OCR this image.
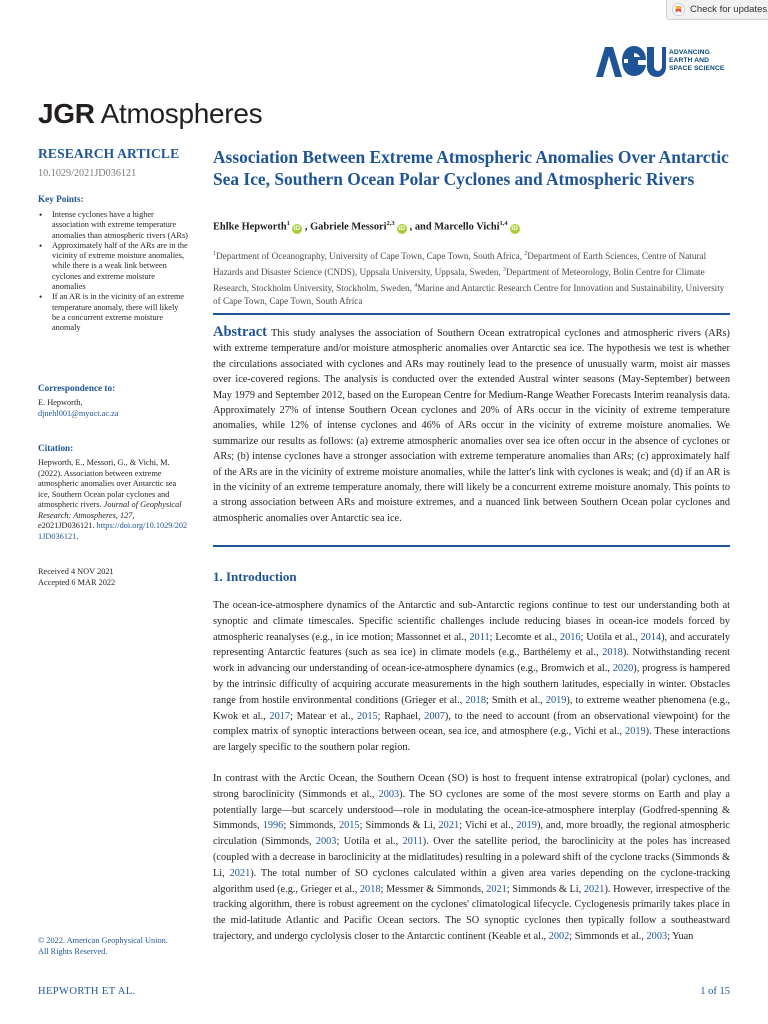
Check for updates
ADVANCING
EARTH AND
SPACE SCIENCE
JGR Atmospheres
RESEARCH ARTICLE
10.1029/2021JD036121
Key Points:
• Intense cyclones have a higher association with extreme temperature anomalies than atmospheric rivers (ARs)
• Approximately half of the ARs are in the vicinity of extreme moisture anomalies, while there is a weak link between cyclones and extreme moisture anomalies
• If an AR is in the vicinity of an extreme temperature anomaly, there will likely be a concurrent extreme moisture anomaly
Correspondence to:
E. Hepworth,
djnehl001@myuct.ac.za
Citation:
Hepworth, E., Messori, G., & Vichi, M. (2022). Association between extreme atmospheric anomalies over Antarctic sea ice, Southern Ocean polar cyclones and atmospheric rivers. Journal of Geophysical Research: Atmospheres, 127, e2021JD036121. https://doi.org/10.1029/2021JD036121.
Received 4 NOV 2021
Accepted 6 MAR 2022
© 2022. American Geophysical Union.
All Rights Reserved.
Association Between Extreme Atmospheric Anomalies Over Antarctic Sea Ice, Southern Ocean Polar Cyclones and Atmospheric Rivers
Ehlke Hepworth$^1$iD , Gabriele Messori$^{2,3}$iD , and Marcello Vichi$^{1,4}$iD
$^1$Department of Oceanography, University of Cape Town, Cape Town, South Africa, $^2$Department of Earth Sciences, Centre of Natural Hazards and Disaster Science (CNDS), Uppsala University, Uppsala, Sweden, $^3$Department of Meteorology, Bolin Centre for Climate Research, Stockholm University, Stockholm, Sweden, $^4$Marine and Antarctic Research Centre for Innovation and Sustainability, University of Cape Town, Cape Town, South Africa

Abstract This study analyses the association of Southern Ocean extratropical cyclones and atmospheric rivers (ARs) with extreme temperature and/or moisture atmospheric anomalies over Antarctic sea ice. The hypothesis we test is whether the circulations associated with cyclones and ARs may routinely lead to the presence of unusually warm, moist air masses over ice-covered regions. The analysis is conducted over the extended Austral winter seasons (May-September) between May 1979 and September 2012, based on the European Centre for Medium-Range Weather Forecasts Interim reanalysis data. Approximately 27% of intense Southern Ocean cyclones and 20% of ARs occur in the vicinity of extreme temperature anomalies, while 12% of intense cyclones and 46% of ARs occur in the vicinity of extreme moisture anomalies. We summarize our results as follows: (a) extreme atmospheric anomalies over sea ice often occur in the absence of cyclones or ARs; (b) intense cyclones have a stronger association with extreme temperature anomalies than ARs; (c) approximately half of the ARs are in the vicinity of extreme moisture anomalies, while the latter's link with cyclones is weak; and (d) if an AR is in the vicinity of an extreme temperature anomaly, there will likely be a concurrent extreme moisture anomaly. This points to a strong association between ARs and moisture extremes, and a nuanced link between Southern Ocean polar cyclones and atmospheric anomalies over Antarctic sea ice.

1. Introduction

The ocean-ice-atmosphere dynamics of the Antarctic and sub-Antarctic regions continue to test our understanding both at synoptic and climate timescales. Specific scientific challenges include reducing biases in ocean-ice models forced by atmospheric reanalyses (e.g., in ice motion; Massonnet et al., 2011; Lecomte et al., 2016; Uotila et al., 2014), and accurately representing Antarctic features (such as sea ice) in climate models (e.g., Barthélemy et al., 2018). Notwithstanding recent work in advancing our understanding of ocean-ice-atmosphere dynamics (e.g., Bromwich et al., 2020), progress is hampered by the intrinsic difficulty of acquiring accurate measurements in the high southern latitudes, especially in winter. Obstacles range from hostile environmental conditions (Grieger et al., 2018; Smith et al., 2019), to extreme weather phenomena (e.g., Kwok et al., 2017; Matear et al., 2015; Raphael, 2007), to the need to account (from an observational viewpoint) for the complex matrix of synoptic interactions between ocean, sea ice, and atmosphere (e.g., Vichi et al., 2019). These interactions are largely specific to the southern polar region.

In contrast with the Arctic Ocean, the Southern Ocean (SO) is host to frequent intense extratropical (polar) cyclones, and strong baroclinicity (Simmonds et al., 2003). The SO cyclones are some of the most severe storms on Earth and play a potentially large—but scarcely understood—role in modulating the ocean-ice-atmosphere interplay (Godfred-spenning & Simmonds, 1996; Simmonds, 2015; Simmonds & Li, 2021; Vichi et al., 2019), and, more broadly, the regional atmospheric circulation (Simmonds, 2003; Uotila et al., 2011). Over the satellite period, the baroclinicity at the poles has increased (coupled with a decrease in baroclinicity at the midlatitudes) resulting in a poleward shift of the cyclone tracks (Simmonds & Li, 2021). The total number of SO cyclones calculated within a given area varies depending on the cyclone-tracking algorithm used (e.g., Grieger et al., 2018; Messmer & Simmonds, 2021; Simmonds & Li, 2021). However, irrespective of the tracking algorithm, there is robust agreement on the cyclones' climatological lifecycle. Cyclogenesis primarily takes place in the mid-latitude Atlantic and Pacific Ocean sectors. The SO synoptic cyclones then typically follow a southeastward trajectory, and undergo cyclolysis closer to the Antarctic continent (Keable et al., 2002; Simmonds et al., 2003; Yuan

HEPWORTH ET AL.	1 of 15
